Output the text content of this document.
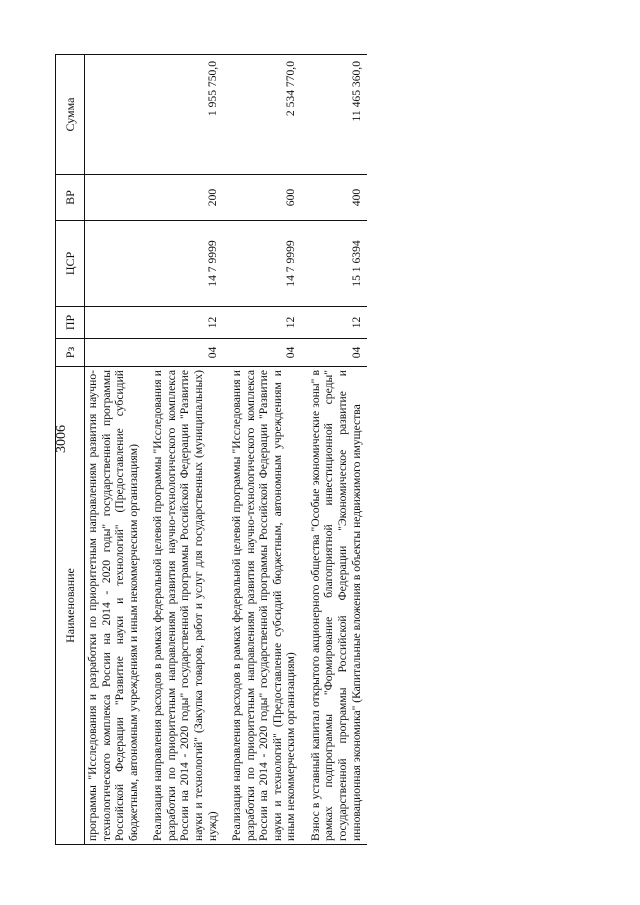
3006
Наименование	Рз	ПР	ЦСР	ВР	Сумма
программы "Исследования и разработки по приоритетным направлениям развития научно-технологического комплекса России на 2014 - 2020 годы" государственной программы Российской Федерации "Развитие науки и технологий" (Предоставление субсидий бюджетным, автономным учреждениям и иным некоммерческим организациям)					

Реализация направления расходов в рамках федеральной целевой программы "Исследования и разработки по приоритетным направлениям развития научно-технологического комплекса России на 2014 - 2020 годы" государственной программы Российской Федерации "Развитие науки и технологий" (Закупка товаров, работ и услуг для государственных (муниципальных) нужд)	04	12	14 7 9999	200	1 955 750,0

Реализация направления расходов в рамках федеральной целевой программы "Исследования и разработки по приоритетным направлениям развития научно-технологического комплекса России на 2014 - 2020 годы" государственной программы Российской Федерации "Развитие науки и технологий" (Предоставление субсидий бюджетным, автономным учреждениям и иным некоммерческим организациям)	04	12	14 7 9999	600	2 534 770,0

Взнос в уставный капитал открытого акционерного общества "Особые экономические зоны" в рамках подпрограммы "Формирование благоприятной инвестиционной среды" государственной программы Российской Федерации "Экономическое развитие и инновационная экономика" (Капитальные вложения в объекты недвижимого имущества	04	12	15 1 6394	400	11 465 360,0
